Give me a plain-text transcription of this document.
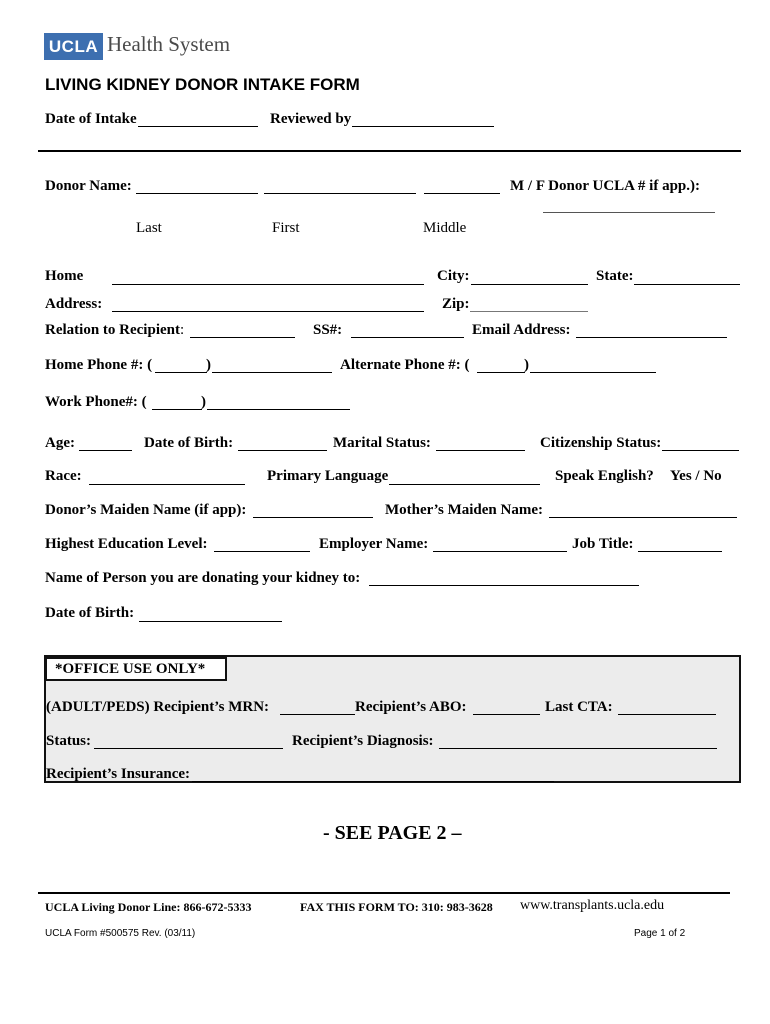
UCLA Health System
LIVING KIDNEY DONOR INTAKE FORM
Date of Intake	Reviewed by
Donor Name:	M / F Donor UCLA # if app.):
Last	First	Middle
Home	City:	State:
Address:	Zip:
Relation to Recipient:	SS#:	Email Address:
Home Phone #: (	)	Alternate Phone #: (	)
Work Phone#: (	)
Age:	Date of Birth:	Marital Status:	Citizenship Status:
Race:	Primary Language	Speak English? Yes / No
Donor’s Maiden Name (if app):	Mother’s Maiden Name:
Highest Education Level:	Employer Name:	Job Title:
Name of Person you are donating your kidney to:
Date of Birth:
*OFFICE USE ONLY*
(ADULT/PEDS) Recipient’s MRN:	Recipient’s ABO:	Last CTA:
Status:	Recipient’s Diagnosis:
Recipient’s Insurance:
- SEE PAGE 2 –
UCLA Living Donor Line: 866-672-5333	FAX THIS FORM TO: 310: 983-3628 www.transplants.ucla.edu
UCLA Form #500575 Rev. (03/11)	Page 1 of 2
